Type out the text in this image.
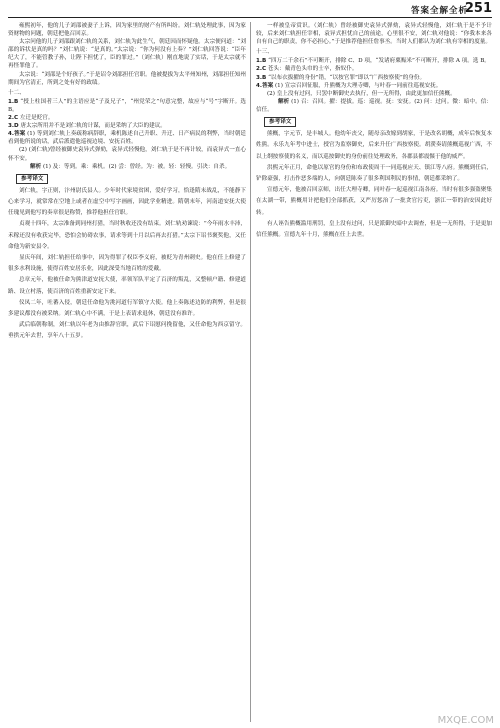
答案全解全析
251

雍熙初年，他的儿子刘邵被妻子上诉，因为家里的财产有所纠纷。刘仁轨处理此事，因为家资财物的问题，朝廷把他召回京。

太宗问他的儿子刘邵跟刘仁轨的关系，刘仁轨为此生气，朝廷因而怀疑他。太宗便问道：“刘邵的诉状是真的吗？”刘仁轨说：“是真的。”太宗说：“你为何没有上奏？”刘仁轨回答说：“臣年纪大了，不能管教子孙，让陛下担忧了，臣的罪过。”（刘仁轨）刚直地说了实话，于是太宗就不再怪罪他了。

太宗说：“刘邵是个好孩子。”于是诏令刘邵担任官职。他被提拔为太平州知州，刘邵担任知州期间为官清正，所到之处有好的政绩。

十二、

1.B “授上柱国者三人”的主语应是“子及兄子”，“州党荣之”句意完整，故应与“号”字断开。选B。

2.C 左迁是贬官。

3.D 唐太宗所用并不是刘仁轨的计谋，而是采纳了大臣的建议。

4.答案 (1) 等到刘仁轨上奏疏称病辞职，乘机陈述自己升职、升迁、日产病民的利弊，当时朝廷看到他所说的话，武后派遣他巡视边境、安抚百姓。

(2) (刘仁轨)曾经被御史袁异式弹劾，袁异式轻慢他，刘仁轨于是不再计较，而袁异式一直心怀不安。

解析 (1) 及：等到。乘：乘机。(2) 尝：曾经。为：被。轻：轻慢。引决：自杀。

参考译文

刘仁轨，字正则，汴州尉氏县人。少年时代家境贫困，爱好学习，恰逢隋末战乱，不能静下心来学习，就常常在空地上或者在虚空中写字画画，因此学业精进。隋朝末年，河南道安抚大使任瑰见到他写的奏章很是称赞，推荐他担任官职。

贞观十四年，太宗准备到同州打猎，当时秋收还没有结束。刘仁轨劝谏说：“今年雨水丰沛，禾稼还没有收获完毕，恐怕会妨碍农事，请求等到十月以后再去打猎。”太宗下诏书褒奖他，又任命他为新安县令。

显庆年间，刘仁轨担任给事中，因为得罪了权臣李义府，被贬为青州刺史。他在任上修建了很多水利设施，使得百姓安居乐业，因此深受当地百姓的爱戴。

总章元年，他被任命为熊津道安抚大使，率领军队平定了百济的叛乱，又整顿户籍、修建道路、设立村落，使百济的百姓重新安定下来。

仪凤二年，吐蕃入侵，朝廷任命他为洮河道行军镇守大使。他上奏陈述边防的利弊，但是很多建议都没有被采纳。刘仁轨心中不满，于是上表请求退休，朝廷没有准许。

武后临朝称制，刘仁轨以年老为由推辞官职，武后下诏慰问挽留他，又任命他为西京留守。垂拱元年去世，享年八十五岁。

一样被皇帝赏识。（刘仁轨）曾经被御史袁异式弹劾，袁异式轻慢他，刘仁轨于是不予计较，后来刘仁轨担任宰相，袁异式担忧自己的前途，心里很不安，刘仁轨对他说：“你我本来各自有自己的职责，你不必担心。”于是推荐他担任詹事丞。当时人们都认为刘仁轨有宰相的度量。

十三、

1.B “四万二千余石”不可断开，排除 C、D 项，“发诸府粟赈米”不可断开，排除 A 项。选 B。

2.C 苍头：戴青色头巾的士卒，指奴仆。

3.B “以布衣拔擢的身份”错，“以按官罪”即以“广西按察使”的身份。

4.答案 (1) 宣宗召回征服，升熊概为大理寺卿，与叶春一同前往巡视安抚。

(2) 皇上没有过问，只罢中断御史去执行，但一无所得，由此更加信任熊概。

解析 (1) 召：召回。擢：提拔。巡：巡视。抚：安抚。(2) 问：过问。微：暗中。信：信任。

参考译文

熊概，字元节，是丰城人。他幼年丧父，随母亲改嫁到胡家，于是改名胡概，成年后恢复本姓熊。永乐九年考中进士，授官为监察御史，后来升任广西按察使。胡濙奏请熊概巡视广西，不以上纲按察使的名义，而以巡按御史的身份前往处理政务，各郡县都震慑于他的威严。

洪熙元年正月，命他以原官的身份和布政使周干一同巡视应天、镇江等八府。熊概到任后，铲除豪强，打击作恶多端的人，向朝廷陈奏了很多利国利民的事情，朝廷都采纳了。

宣德元年，他被召回京师，出任大理寺卿，同叶春一起巡视江南各府。当时有很多强盗聚集在太湖一带，熊概用计把他们全部抓获，又严厉惩治了一批贪官污吏，浙江一带的治安因此好转。

有人诬告熊概滥用刑罚，皇上没有过问，只是派御史暗中去调查，但是一无所得，于是更加信任熊概。宣德九年十月，熊概在任上去世。

MXQE.COM
